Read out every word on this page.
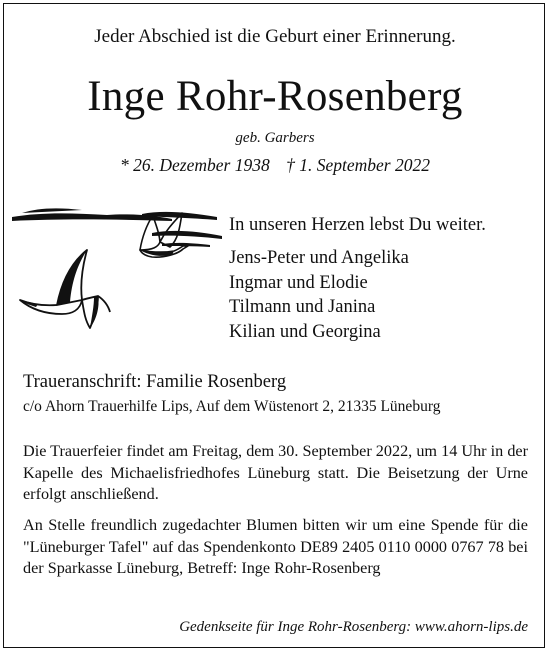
Jeder Abschied ist die Geburt einer Erinnerung.
Inge Rohr-Rosenberg
geb. Garbers
* 26. Dezember 1938 † 1. September 2022
In unseren Herzen lebst Du weiter.
Jens-Peter und Angelika
Ingmar und Elodie
Tilmann und Janina
Kilian und Georgina
Traueranschrift: Familie Rosenberg
c/o Ahorn Trauerhilfe Lips, Auf dem Wüstenort 2, 21335 Lüneburg
Die Trauerfeier findet am Freitag, dem 30. September 2022, um 14 Uhr in der Kapelle des Michaelisfriedhofes Lüneburg statt. Die Beisetzung der Urne erfolgt anschließend.
An Stelle freundlich zugedachter Blumen bitten wir um eine Spende für die "Lüneburger Tafel" auf das Spendenkonto DE89 2405 0110 0000 0767 78 bei der Sparkasse Lüneburg, Betreff: Inge Rohr-Rosenberg
Gedenkseite für Inge Rohr-Rosenberg: www.ahorn-lips.de
